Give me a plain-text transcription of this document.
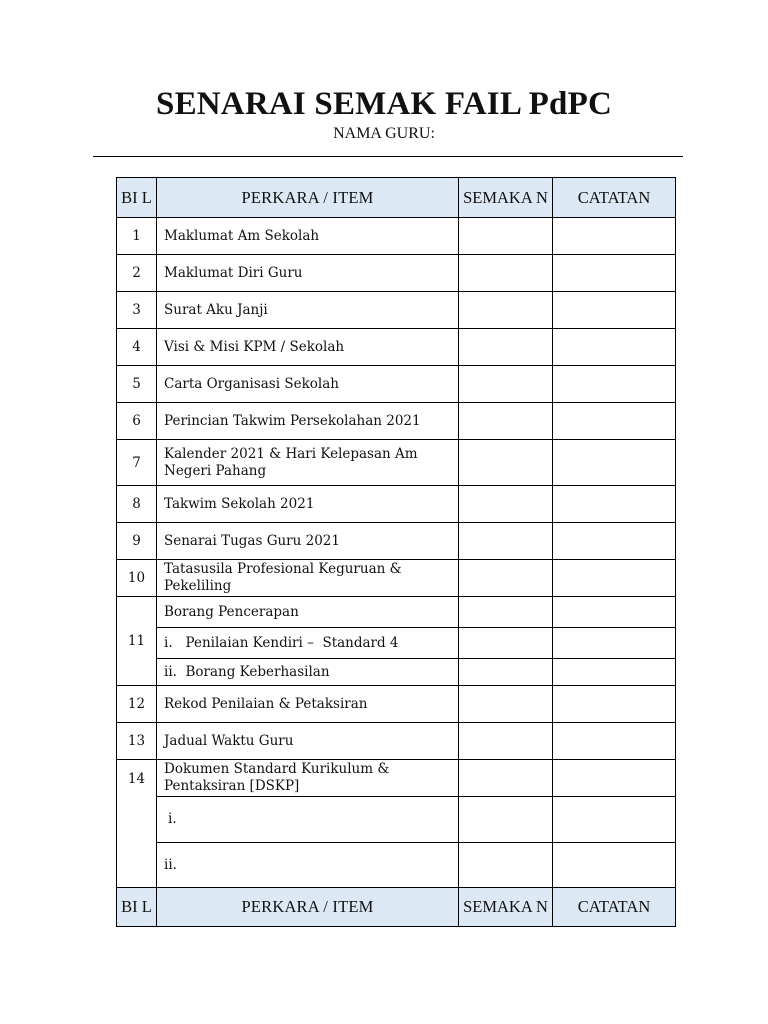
SENARAI SEMAK FAIL PdPC
NAMA GURU:
BI L	PERKARA / ITEM	SEMAKA N	CATATAN
1	Maklumat Am Sekolah		
2	Maklumat Diri Guru		
3	Surat Aku Janji		
4	Visi & Misi KPM / Sekolah		
5	Carta Organisasi Sekolah		
6	Perincian Takwim Persekolahan 2021		
7	Kalender 2021 & Hari Kelepasan Am Negeri Pahang		
8	Takwim Sekolah 2021		
9	Senarai Tugas Guru 2021		
10	Tatasusila Profesional Keguruan & Pekeliling		
11	Borang Pencerapan		
	i.   Penilaian Kendiri –  Standard 4		
	ii.  Borang Keberhasilan		
12	Rekod Penilaian & Petaksiran		
13	Jadual Waktu Guru		
14	Dokumen Standard Kurikulum & Pentaksiran [DSKP]		
	i.		
	ii.		
BI L	PERKARA / ITEM	SEMAKA N	CATATAN
